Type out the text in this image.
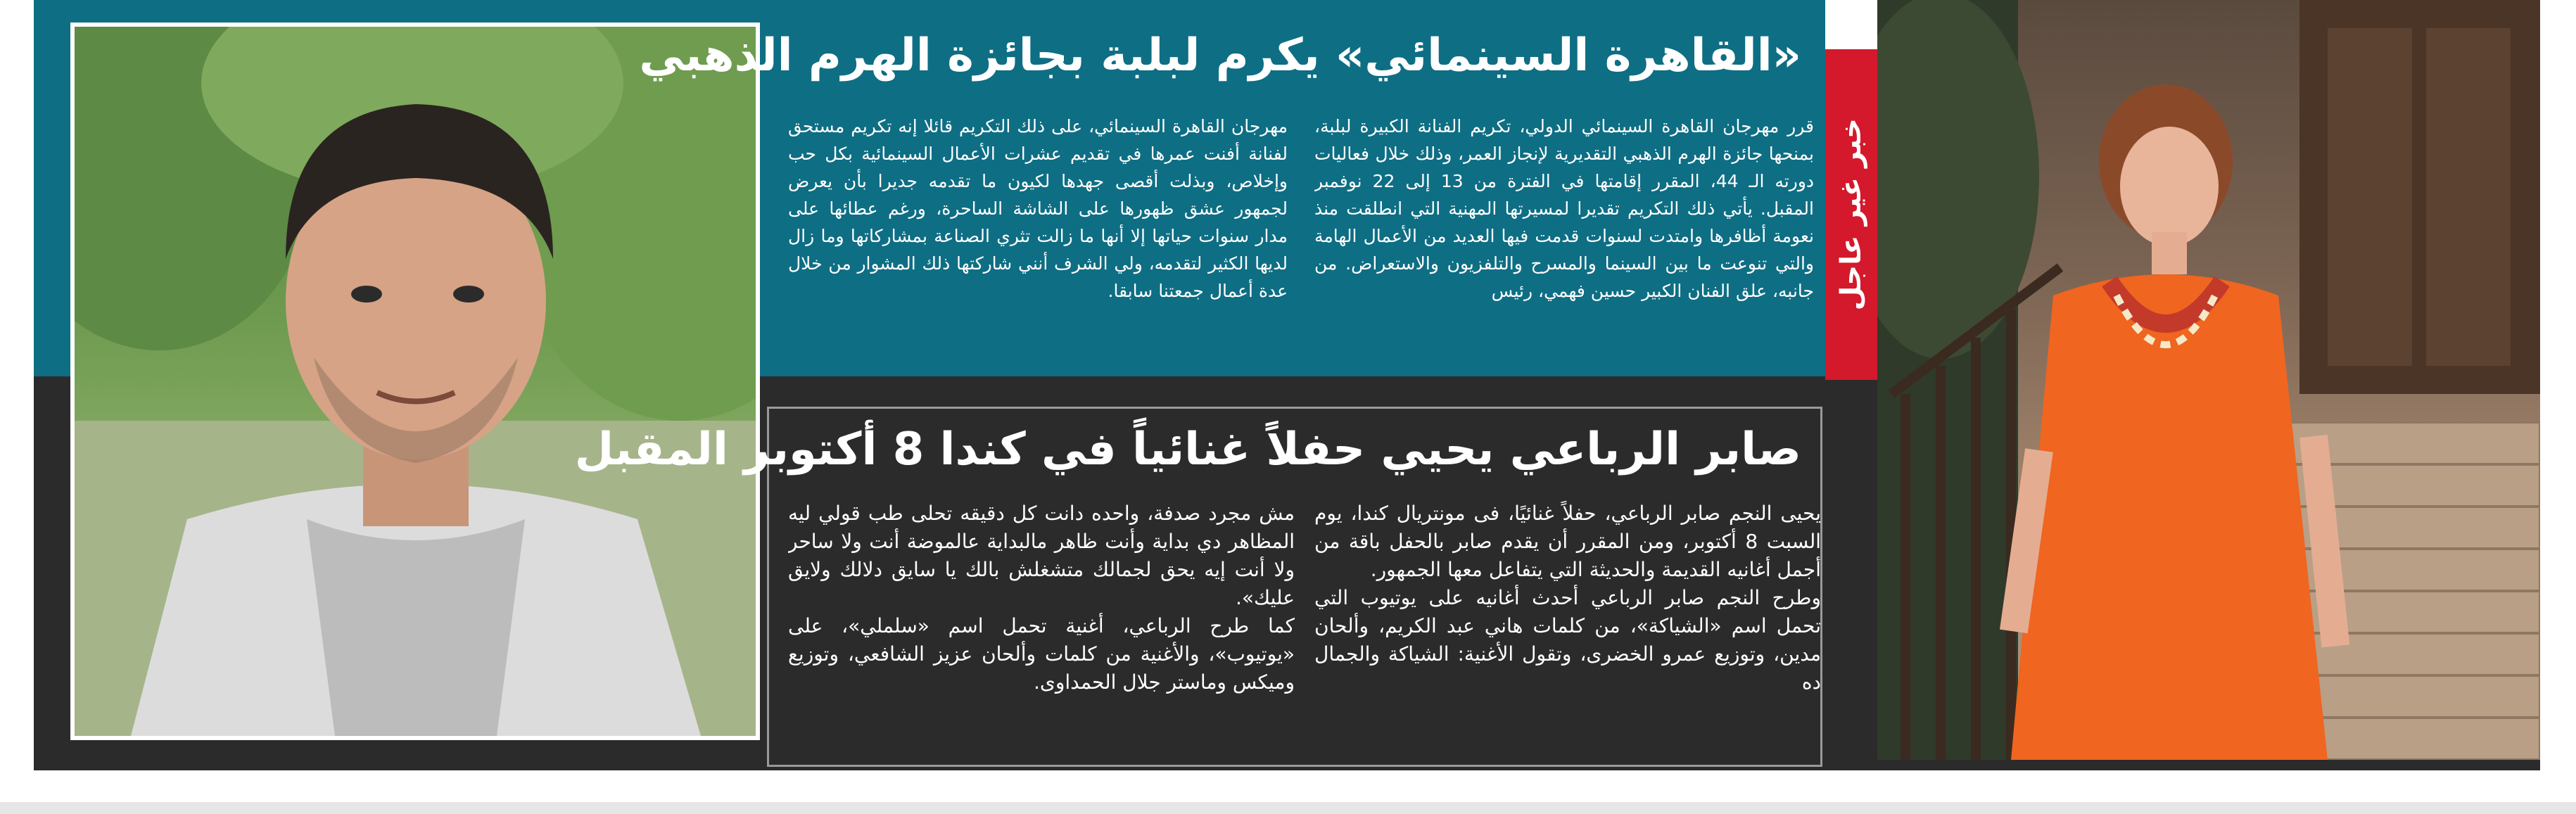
خبر غير عاجل
«القاهرة السينمائي» يكرم لبلبة بجائزة الهرم الذهبي

قرر مهرجان القاهرة السينمائي الدولي، تكريم الفنانة الكبيرة لبلبة، بمنحها جائزة الهرم الذهبي التقديرية لإنجاز العمر، وذلك خلال فعاليات دورته الـ 44، المقرر إقامتها في الفترة من 13 إلى 22 نوفمبر المقبل. يأتي ذلك التكريم تقديرا لمسيرتها المهنية التي انطلقت منذ نعومة أظافرها وامتدت لسنوات قدمت فيها العديد من الأعمال الهامة والتي تنوعت ما بين السينما والمسرح والتلفزيون والاستعراض. من جانبه، علق الفنان الكبير حسين فهمي، رئيس

مهرجان القاهرة السينمائي، على ذلك التكريم قائلا إنه تكريم مستحق لفنانة أفنت عمرها في تقديم عشرات الأعمال السينمائية بكل حب وإخلاص، وبذلت أقصى جهدها لكيون ما تقدمه جديرا بأن يعرض لجمهور عشق ظهورها على الشاشة الساحرة، ورغم عطائها على مدار سنوات حياتها إلا أنها ما زالت تثري الصناعة بمشاركاتها وما زال لديها الكثير لتقدمه، ولي الشرف أنني شاركتها ذلك المشوار من خلال عدة أعمال جمعتنا سابقا.

صابر الرباعي يحيي حفلاً غنائياً في كندا 8 أكتوبر المقبل

يحيى النجم صابر الرباعي، حفلاً غنائيًا، فى مونتريال كندا، يوم السبت 8 أكتوبر، ومن المقرر أن يقدم صابر بالحفل باقة من أجمل أغانيه القديمة والحديثة التي يتفاعل معها الجمهور.

وطرح النجم صابر الرباعي أحدث أغانيه على يوتيوب التي تحمل اسم «الشياكة»، من كلمات هاني عبد الكريم، وألحان مدين، وتوزيع عمرو الخضرى، وتقول الأغنية: الشياكة والجمال ده

مش مجرد صدفة، واحده دانت كل دقيقه تحلى طب قولي ليه المظاهر دي بداية وأنت ظاهر مالبداية عالموضة أنت ولا ساحر ولا أنت إيه يحق لجمالك متشغلش بالك يا سايق دلالك ولايق عليك».

كما طرح الرباعي، أغنية تحمل اسم «سلملي»، على «يوتيوب»، والأغنية من كلمات وألحان عزيز الشافعي، وتوزيع وميكس وماستر جلال الحمداوى.
